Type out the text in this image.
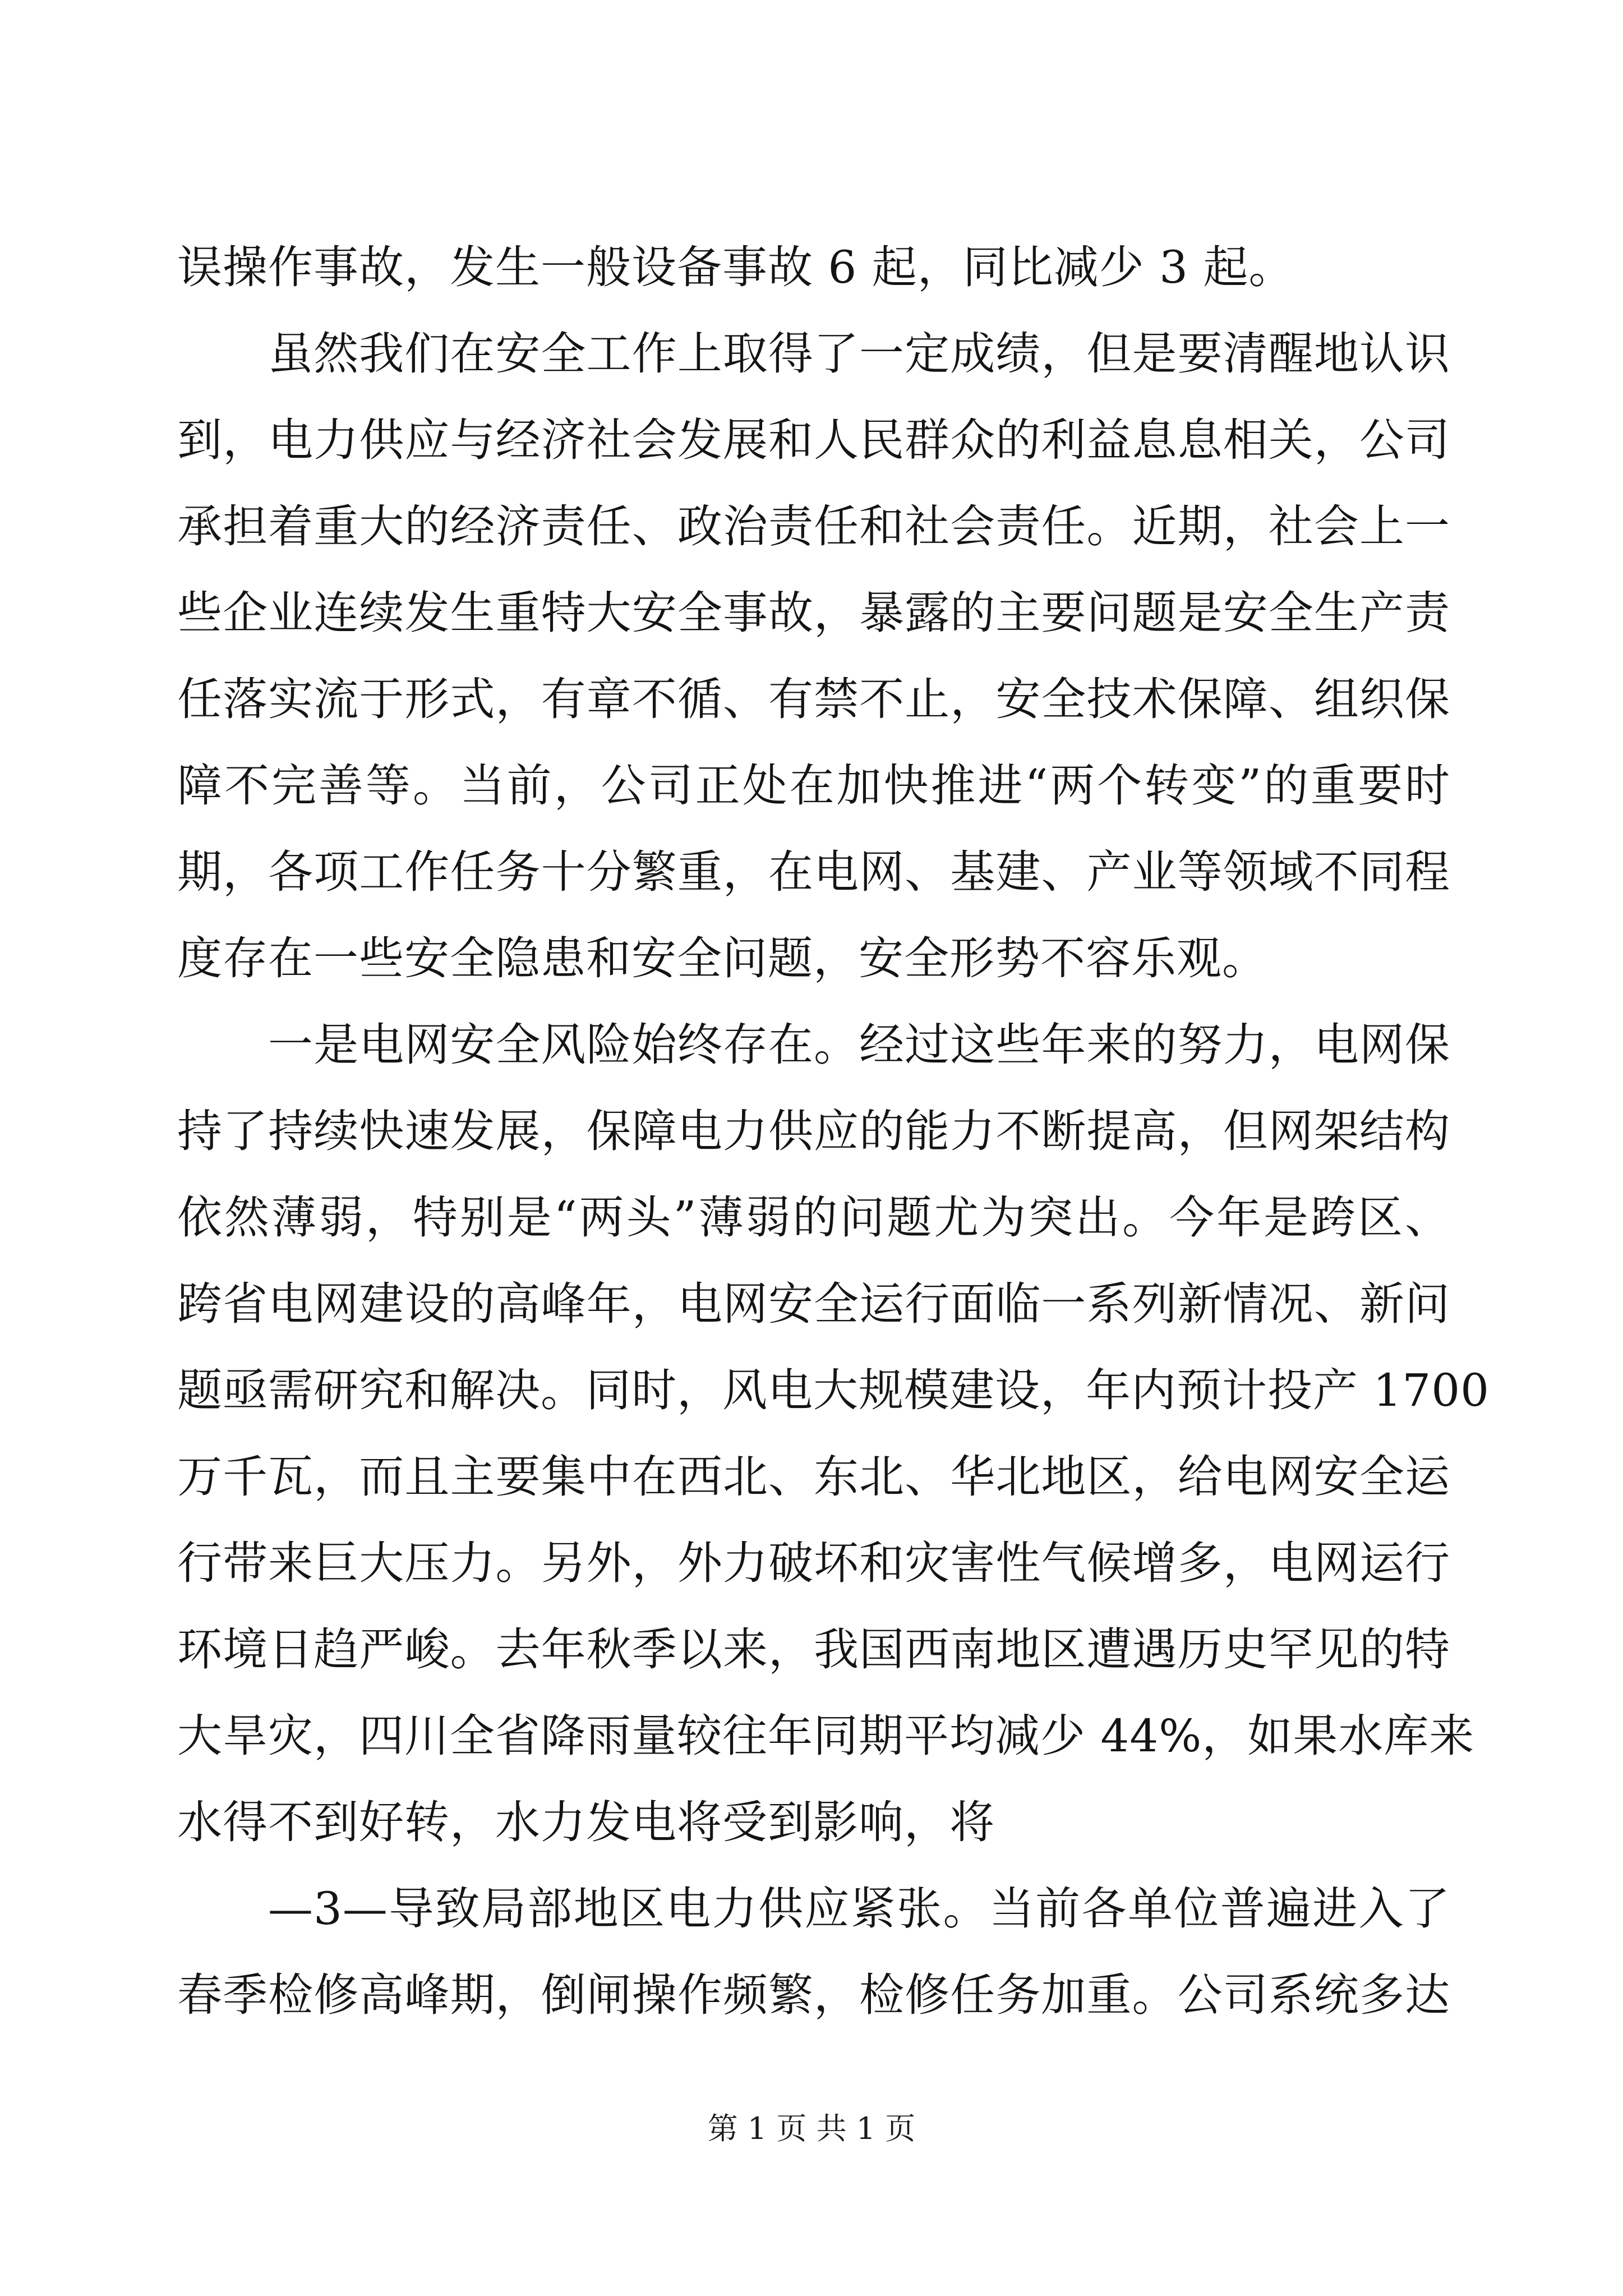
误操作事故，发生一般设备事故 6 起，同比减少 3 起。
虽然我们在安全工作上取得了一定成绩，但是要清醒地认识
到，电力供应与经济社会发展和人民群众的利益息息相关，公司
承担着重大的经济责任、政治责任和社会责任。近期，社会上一
些企业连续发生重特大安全事故，暴露的主要问题是安全生产责
任落实流于形式，有章不循、有禁不止，安全技术保障、组织保
障不完善等。当前，公司正处在加快推进“两个转变”的重要时
期，各项工作任务十分繁重，在电网、基建、产业等领域不同程
度存在一些安全隐患和安全问题，安全形势不容乐观。
一是电网安全风险始终存在。经过这些年来的努力，电网保
持了持续快速发展，保障电力供应的能力不断提高，但网架结构
依然薄弱，特别是“两头”薄弱的问题尤为突出。今年是跨区、
跨省电网建设的高峰年，电网安全运行面临一系列新情况、新问
题亟需研究和解决。同时，风电大规模建设，年内预计投产 1700
万千瓦，而且主要集中在西北、东北、华北地区，给电网安全运
行带来巨大压力。另外，外力破坏和灾害性气候增多，电网运行
环境日趋严峻。去年秋季以来，我国西南地区遭遇历史罕见的特
大旱灾，四川全省降雨量较往年同期平均减少 44%，如果水库来
水得不到好转，水力发电将受到影响，将
—3—导致局部地区电力供应紧张。当前各单位普遍进入了
春季检修高峰期，倒闸操作频繁，检修任务加重。公司系统多达
第 1 页 共 1 页
